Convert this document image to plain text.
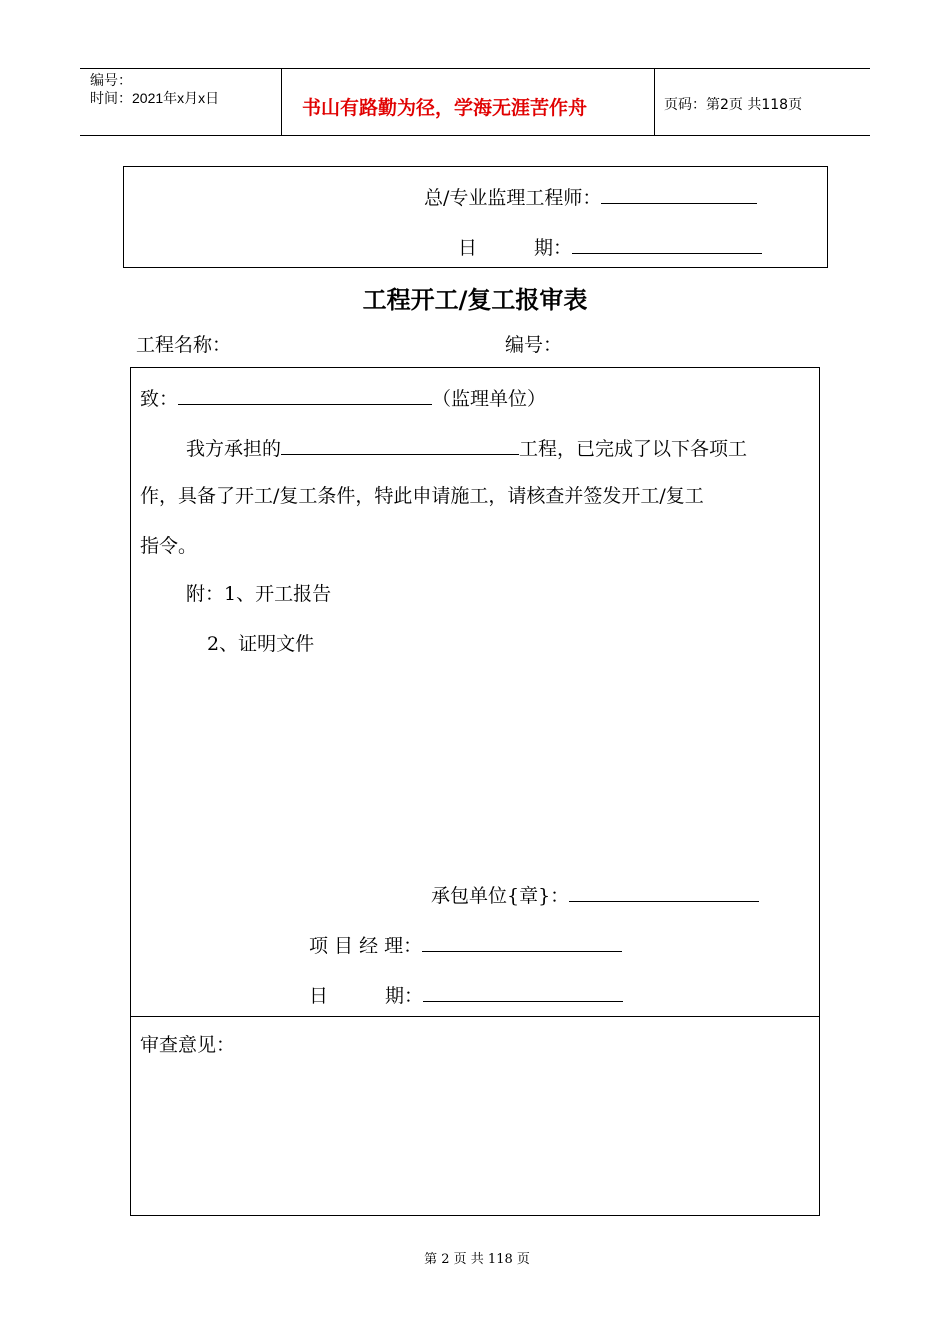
编号：
时间：2021年x月x日	书山有路勤为径，学海无涯苦作舟	页码：第2页 共118页
总/专业监理工程师：
日　　　期：
工程开工/复工报审表
工程名称：	编号：
致：	（监理单位）
我方承担的	工程，已完成了以下各项工
作，具备了开工/复工条件，特此申请施工，请核查并签发开工/复工
指令。
附：1、开工报告
2、证明文件
承包单位{章}：
项 目 经 理：
日　　　期：
审查意见：
第 2 页 共 118 页
